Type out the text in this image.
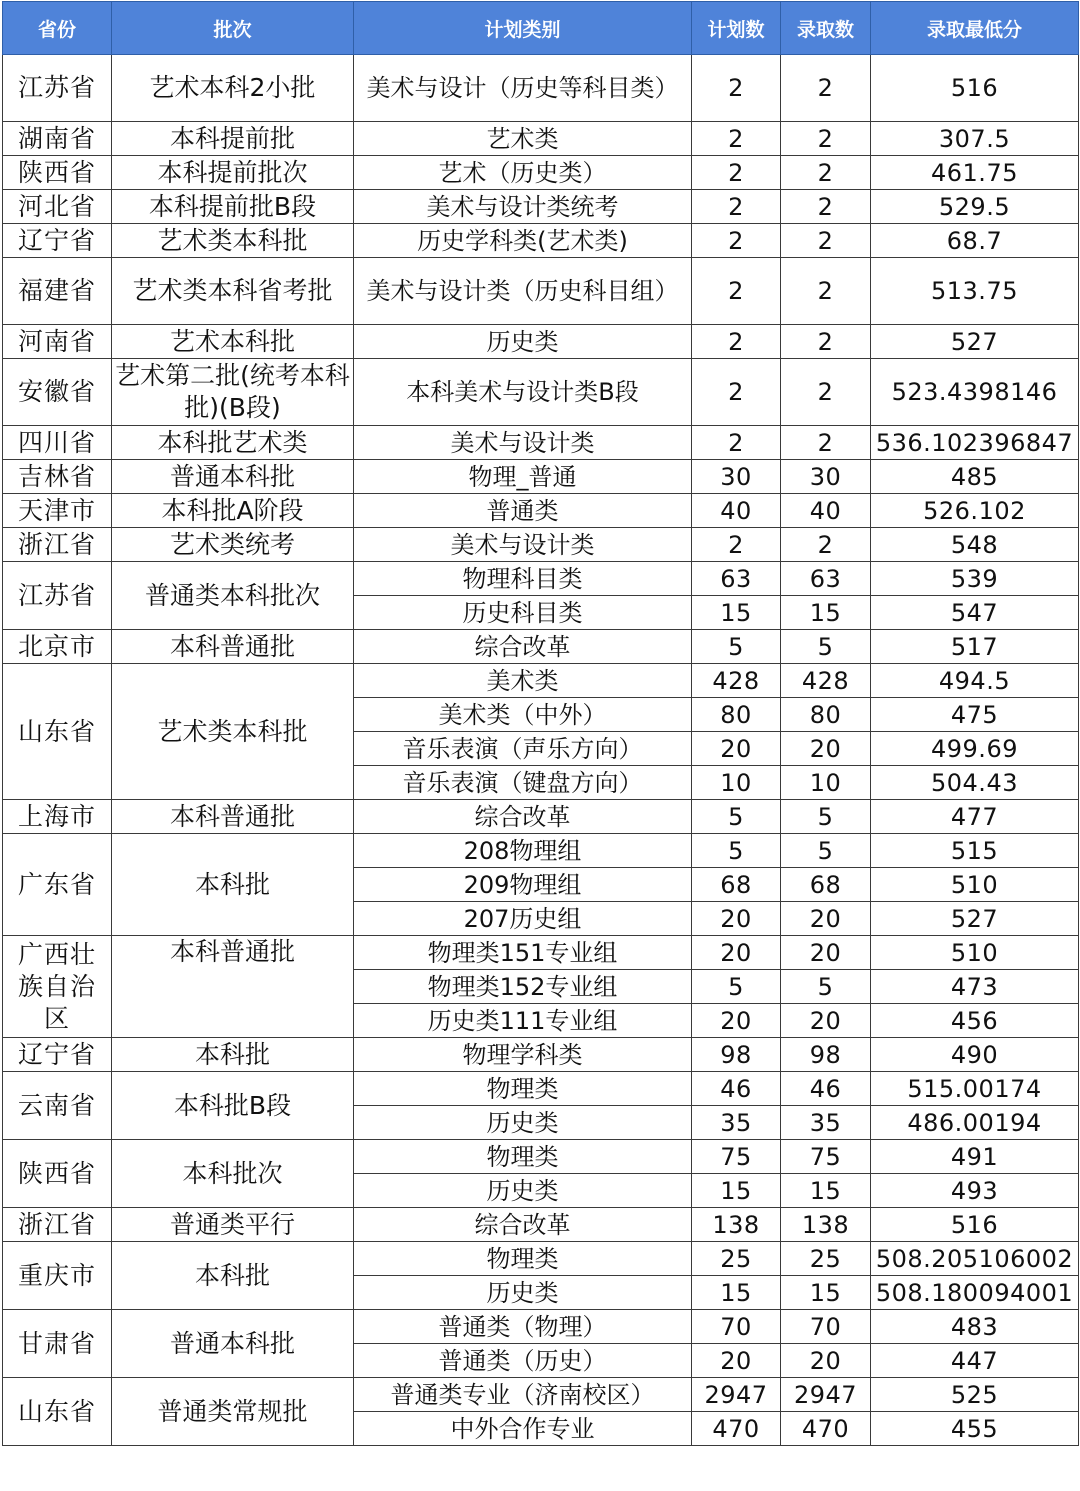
省份	批次	计划类别	计划数	录取数	录取最低分
江苏省	艺术本科2小批	美术与设计（历史等科目类）	2	2	516
湖南省	本科提前批	艺术类	2	2	307.5
陕西省	本科提前批次	艺术（历史类）	2	2	461.75
河北省	本科提前批B段	美术与设计类统考	2	2	529.5
辽宁省	艺术类本科批	历史学科类(艺术类)	2	2	68.7
福建省	艺术类本科省考批	美术与设计类（历史科目组）	2	2	513.75
河南省	艺术本科批	历史类	2	2	527
安徽省	艺术第二批(统考本科批)(B段)	本科美术与设计类B段	2	2	523.4398146
四川省	本科批艺术类	美术与设计类	2	2	536.102396847
吉林省	普通本科批	物理_普通	30	30	485
天津市	本科批A阶段	普通类	40	40	526.102
浙江省	艺术类统考	美术与设计类	2	2	548
江苏省	普通类本科批次	物理科目类	63	63	539
		历史科目类	15	15	547
北京市	本科普通批	综合改革	5	5	517
山东省	艺术类本科批	美术类	428	428	494.5
		美术类（中外）	80	80	475
		音乐表演（声乐方向）	20	20	499.69
		音乐表演（键盘方向）	10	10	504.43
上海市	本科普通批	综合改革	5	5	477
广东省	本科批	208物理组	5	5	515
		209物理组	68	68	510
		207历史组	20	20	527
广西壮族自治区	本科普通批	物理类151专业组	20	20	510
		物理类152专业组	5	5	473
		历史类111专业组	20	20	456
辽宁省	本科批	物理学科类	98	98	490
云南省	本科批B段	物理类	46	46	515.00174
		历史类	35	35	486.00194
陕西省	本科批次	物理类	75	75	491
		历史类	15	15	493
浙江省	普通类平行	综合改革	138	138	516
重庆市	本科批	物理类	25	25	508.205106002
		历史类	15	15	508.180094001
甘肃省	普通本科批	普通类（物理）	70	70	483
		普通类（历史）	20	20	447
山东省	普通类常规批	普通类专业（济南校区）	2947	2947	525
		中外合作专业	470	470	455
